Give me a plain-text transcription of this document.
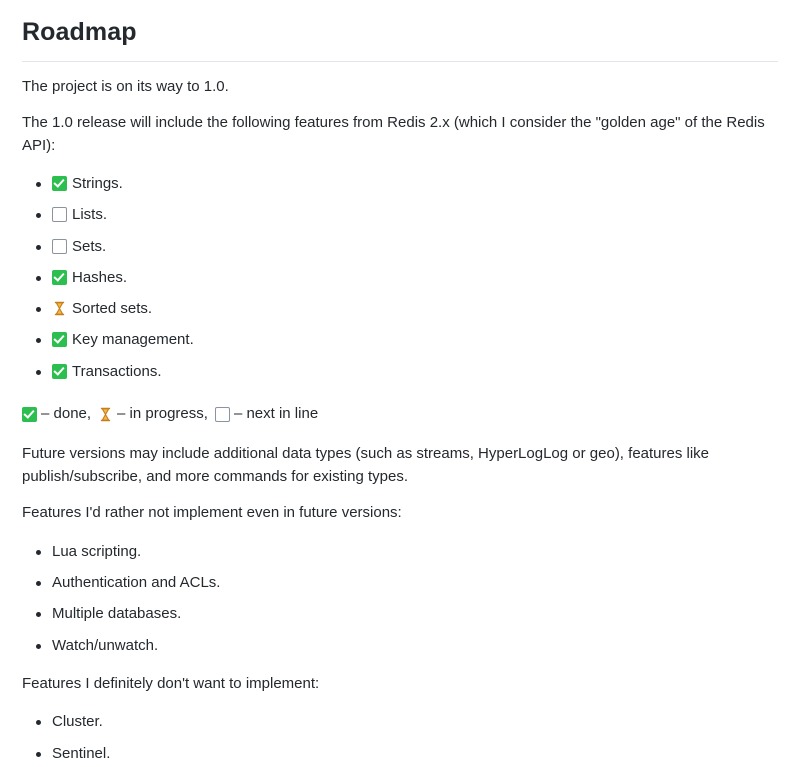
Roadmap

The project is on its way to 1.0.

The 1.0 release will include the following features from Redis 2.x (which I consider the "golden age" of the Redis API):

Strings.
Lists.
Sets.
Hashes.
Sorted sets.
Key management.
Transactions.

– done, – in progress, – next in line

Future versions may include additional data types (such as streams, HyperLogLog or geo), features like publish/subscribe, and more commands for existing types.

Features I'd rather not implement even in future versions:

Lua scripting.
Authentication and ACLs.
Multiple databases.
Watch/unwatch.

Features I definitely don't want to implement:

Cluster.
Sentinel.
